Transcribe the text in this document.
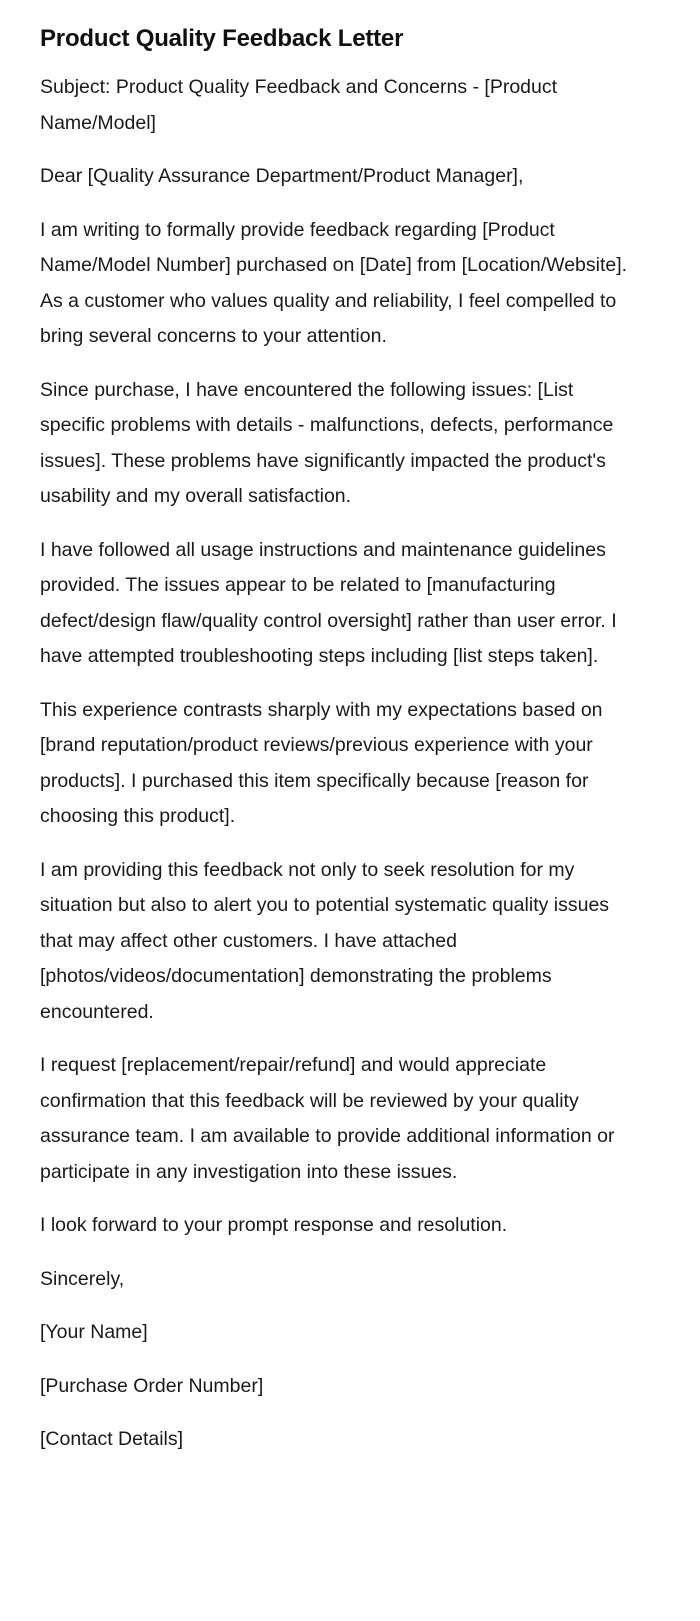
Product Quality Feedback Letter

Subject: Product Quality Feedback and Concerns - [Product Name/Model]

Dear [Quality Assurance Department/Product Manager],

I am writing to formally provide feedback regarding [Product Name/Model Number] purchased on [Date] from [Location/Website]. As a customer who values quality and reliability, I feel compelled to bring several concerns to your attention.

Since purchase, I have encountered the following issues: [List specific problems with details - malfunctions, defects, performance issues]. These problems have significantly impacted the product's usability and my overall satisfaction.

I have followed all usage instructions and maintenance guidelines provided. The issues appear to be related to [manufacturing defect/design flaw/quality control oversight] rather than user error. I have attempted troubleshooting steps including [list steps taken].

This experience contrasts sharply with my expectations based on [brand reputation/product reviews/previous experience with your products]. I purchased this item specifically because [reason for choosing this product].

I am providing this feedback not only to seek resolution for my situation but also to alert you to potential systematic quality issues that may affect other customers. I have attached [photos/videos/documentation] demonstrating the problems encountered.

I request [replacement/repair/refund] and would appreciate confirmation that this feedback will be reviewed by your quality assurance team. I am available to provide additional information or participate in any investigation into these issues.

I look forward to your prompt response and resolution.

Sincerely,

[Your Name]

[Purchase Order Number]

[Contact Details]
